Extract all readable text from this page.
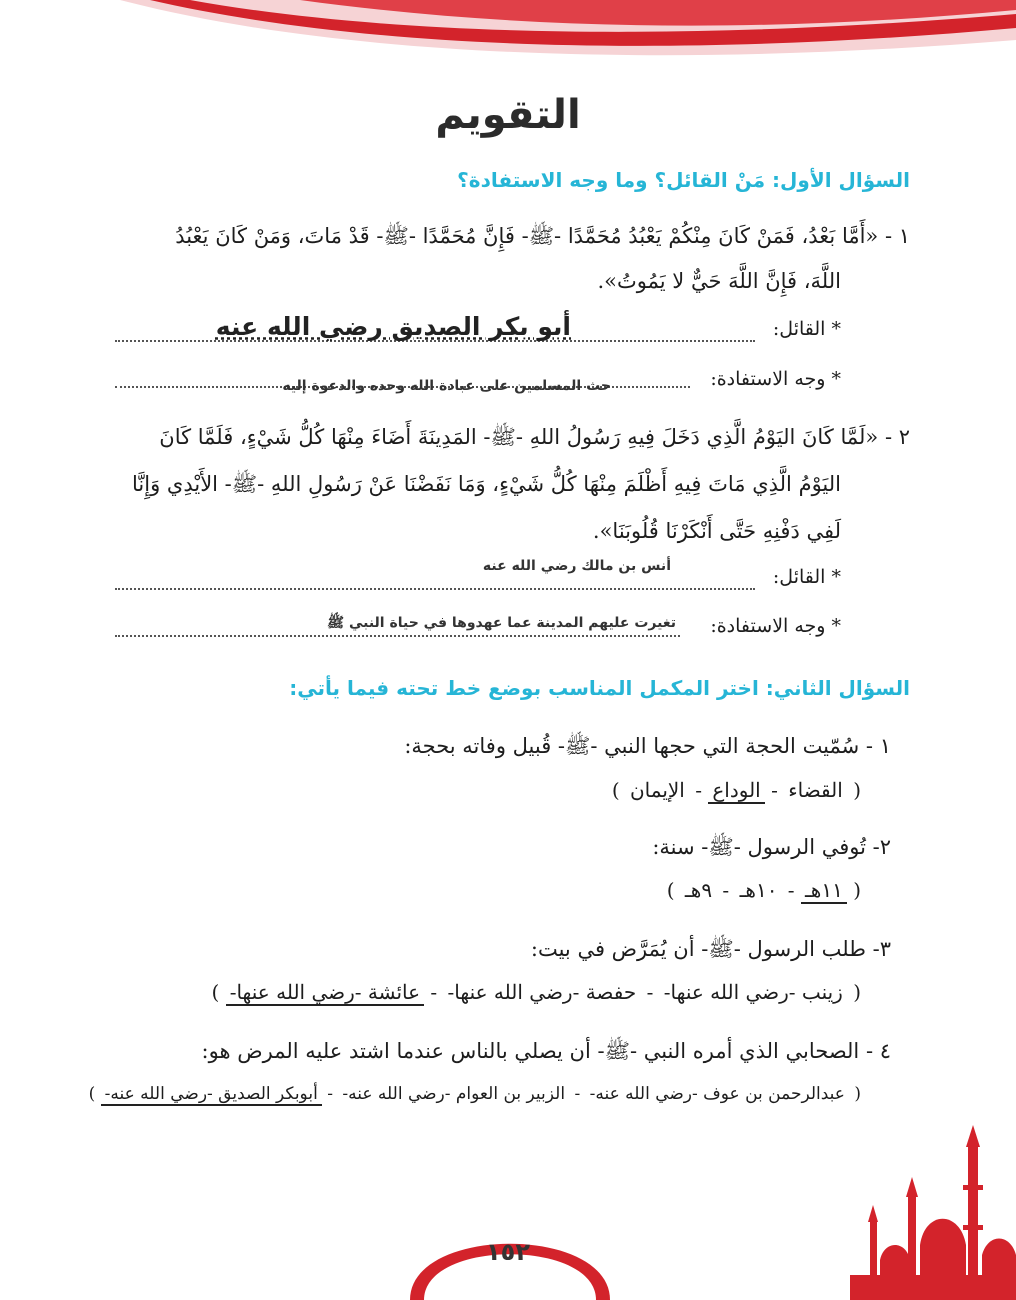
التقويم
السؤال الأول: مَنْ القائل؟ وما وجه الاستفادة؟
١ - «أَمَّا بَعْدُ، فَمَنْ كَانَ مِنْكُمْ يَعْبُدُ مُحَمَّدًا -ﷺ- فَإِنَّ مُحَمَّدًا -ﷺ- قَدْ مَاتَ، وَمَنْ كَانَ يَعْبُدُ
اللَّهَ، فَإِنَّ اللَّهَ حَيٌّ لا يَمُوتُ».
* القائل:
أبو بكر الصديق رضي الله عنه
* وجه الاستفادة:
حث المسلمين على عبادة الله وحده والدعوة إليه
٢ - «لَمَّا كَانَ اليَوْمُ الَّذِي دَخَلَ فِيهِ رَسُولُ اللهِ -ﷺ- المَدِينَةَ أَضَاءَ مِنْهَا كُلُّ شَيْءٍ، فَلَمَّا كَانَ
اليَوْمُ الَّذِي مَاتَ فِيهِ أَظْلَمَ مِنْهَا كُلُّ شَيْءٍ، وَمَا نَفَضْنَا عَنْ رَسُولِ اللهِ -ﷺ- الأَيْدِي وَإِنَّا
لَفِي دَفْنِهِ حَتَّى أَنْكَرْنَا قُلُوبَنَا».
* القائل:
أنس بن مالك رضي الله عنه
* وجه الاستفادة:
تغيرت عليهم المدينة عما عهدوها في حياة النبي ﷺ
السؤال الثاني: اختر المكمل المناسب بوضع خط تحته فيما يأتي:
١ - سُمّيت الحجة التي حجها النبي -ﷺ- قُبيل وفاته بحجة:
( الإيمان - الوداع - القضاء )
٢- تُوفي الرسول -ﷺ- سنة:
( ٩هـ - ١٠هـ - ١١هـ )
٣- طلب الرسول -ﷺ- أن يُمَرَّض في بيت:
( عائشة -رضي الله عنها- - حفصة -رضي الله عنها- - زينب -رضي الله عنها- )
٤ - الصحابي الذي أمره النبي -ﷺ- أن يصلي بالناس عندما اشتد عليه المرض هو:
( أبوبكر الصديق -رضي الله عنه- - الزبير بن العوام -رضي الله عنه- - عبدالرحمن بن عوف -رضي الله عنه- )
١٥٢
